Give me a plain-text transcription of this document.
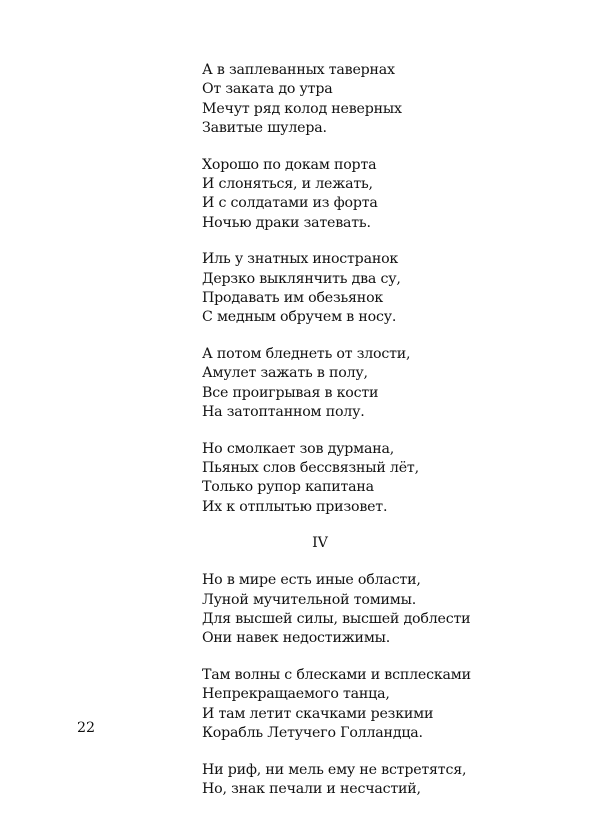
А в заплеванных тавернах
От заката до утра
Мечут ряд колод неверных
Завитые шулера.
Хорошо по докам порта
И слоняться, и лежать,
И с солдатами из форта
Ночью драки затевать.
Иль у знатных иностранок
Дерзко выклянчить два су,
Продавать им обезьянок
С медным обручем в носу.
А потом бледнеть от злости,
Амулет зажать в полу,
Все проигрывая в кости
На затоптанном полу.
Но смолкает зов дурмана,
Пьяных слов бессвязный лёт,
Только рупор капитана
Их к отплытью призовет.
IV
Но в мире есть иные области,
Луной мучительной томимы.
Для высшей силы, высшей доблести
Они навек недостижимы.
Там волны с блесками и всплесками
Непрекращаемого танца,
И там летит скачками резкими
Корабль Летучего Голландца.
Ни риф, ни мель ему не встретятся,
Но, знак печали и несчастий,
22
